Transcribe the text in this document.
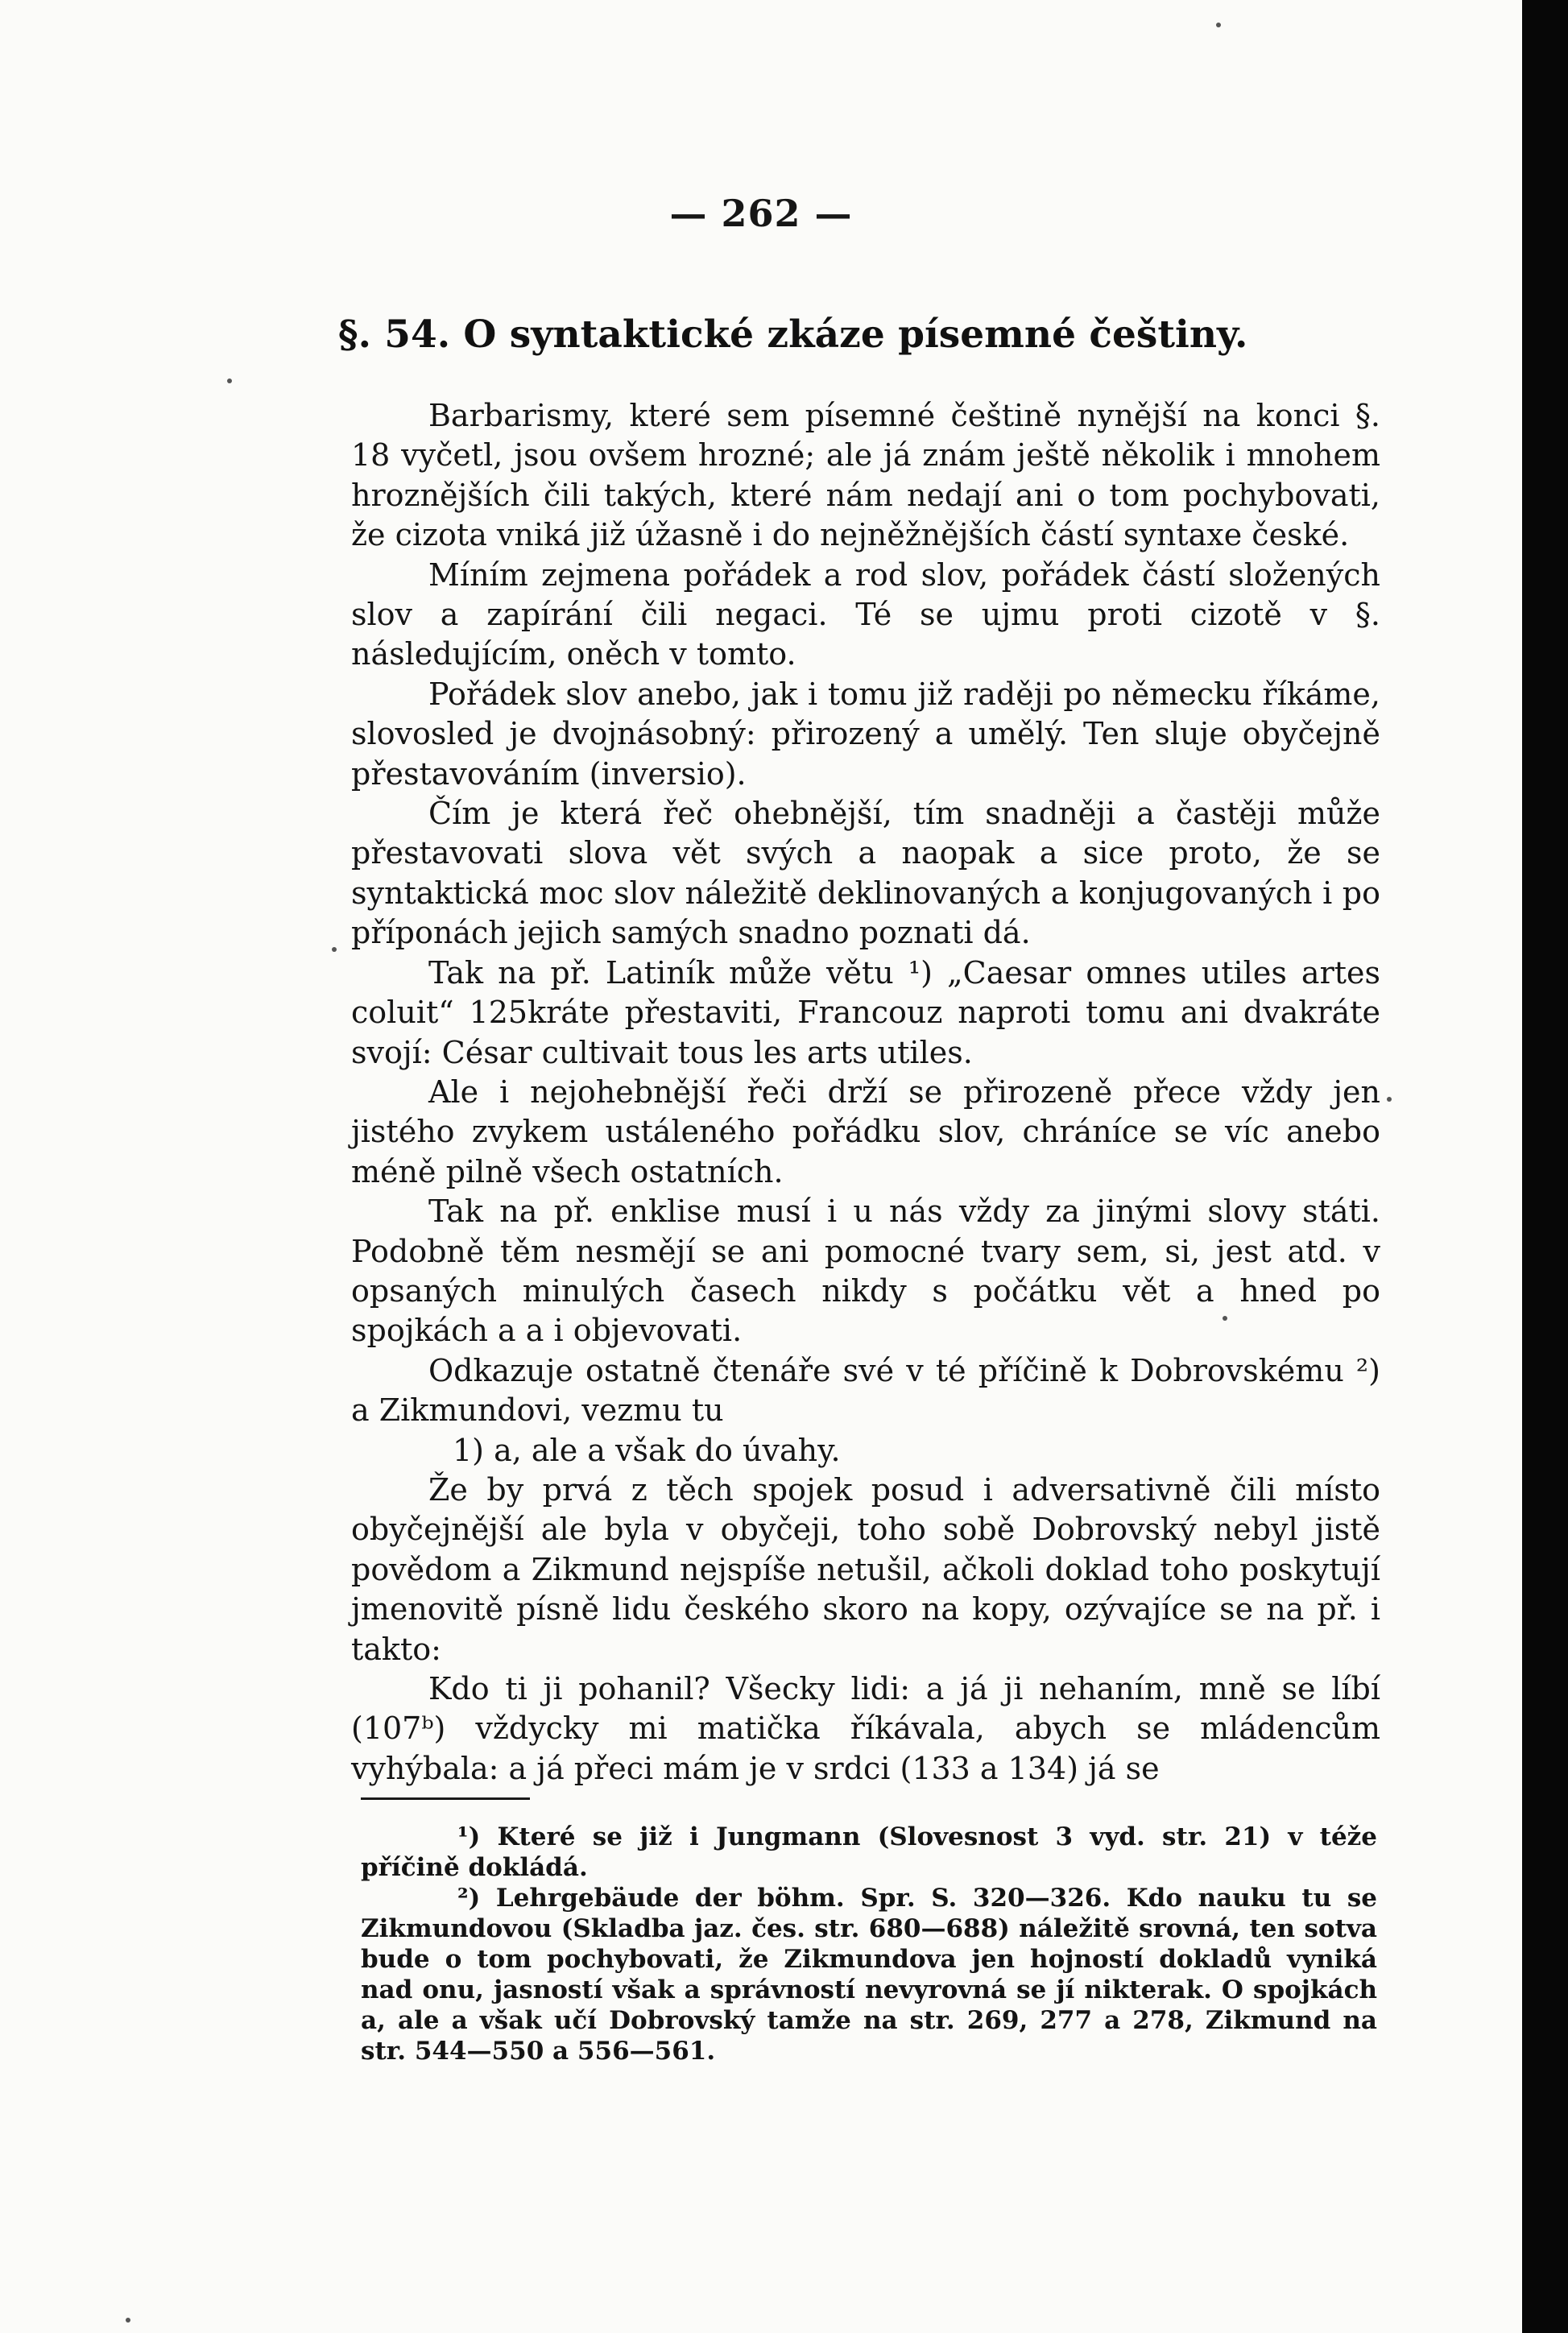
— 262 —
§. 54. O syntaktické zkáze písemné češtiny.

Barbarismy, které sem písemné češtině nynější na konci §. 18 vyčetl, jsou ovšem hrozné; ale já znám ještě několik i mnohem hroznějších čili takých, které nám nedají ani o tom pochybovati, že cizota vniká již úžasně i do nejněžnějších částí syntaxe české.

Míním zejmena pořádek a rod slov, pořádek částí složených slov a zapírání čili negaci. Té se ujmu proti cizotě v §. následujícím, oněch v tomto.

Pořádek slov anebo, jak i tomu již raději po německu říkáme, slovosled je dvojnásobný: přirozený a umělý. Ten sluje obyčejně přestavováním (inversio).

Čím je která řeč ohebnější, tím snadněji a častěji může přestavovati slova vět svých a naopak a sice proto, že se syntaktická moc slov náležitě deklinovaných a konjugovaných i po příponách jejich samých snadno poznati dá.

Tak na př. Latiník může větu ¹) „Caesar omnes utiles artes coluit“ 125kráte přestaviti, Francouz naproti tomu ani dvakráte svojí: César cultivait tous les arts utiles.

Ale i nejohebnější řeči drží se přirozeně přece vždy jen jistého zvykem ustáleného pořádku slov, chráníce se víc anebo méně pilně všech ostatních.

Tak na př. enklise musí i u nás vždy za jinými slovy státi. Podobně těm nesmějí se ani pomocné tvary sem, si, jest atd. v opsaných minulých časech nikdy s počátku vět a hned po spojkách a a i objevovati.

Odkazuje ostatně čtenáře své v té příčině k Dobrovskému ²) a Zikmundovi, vezmu tu

1) a, ale a však do úvahy.

Že by prvá z těch spojek posud i adversativně čili místo obyčejnější ale byla v obyčeji, toho sobě Dobrovský nebyl jistě povědom a Zikmund nejspíše netušil, ačkoli doklad toho poskytují jmenovitě písně lidu českého skoro na kopy, ozývajíce se na př. i takto:

Kdo ti ji pohanil? Všecky lidi: a já ji nehaním, mně se líbí (107ᵇ) vždycky mi matička říkávala, abych se mládencům vyhýbala: a já přeci mám je v srdci (133 a 134) já se

¹) Které se již i Jungmann (Slovesnost 3 vyd. str. 21) v téže příčině dokládá.

²) Lehrgebäude der böhm. Spr. S. 320—326. Kdo nauku tu se Zikmundovou (Skladba jaz. čes. str. 680—688) náležitě srovná, ten sotva bude o tom pochybovati, že Zikmundova jen hojností dokladů vyniká nad onu, jasností však a správností nevyrovná se jí nikterak. O spojkách a, ale a však učí Dobrovský tamže na str. 269, 277 a 278, Zikmund na str. 544—550 a 556—561.
